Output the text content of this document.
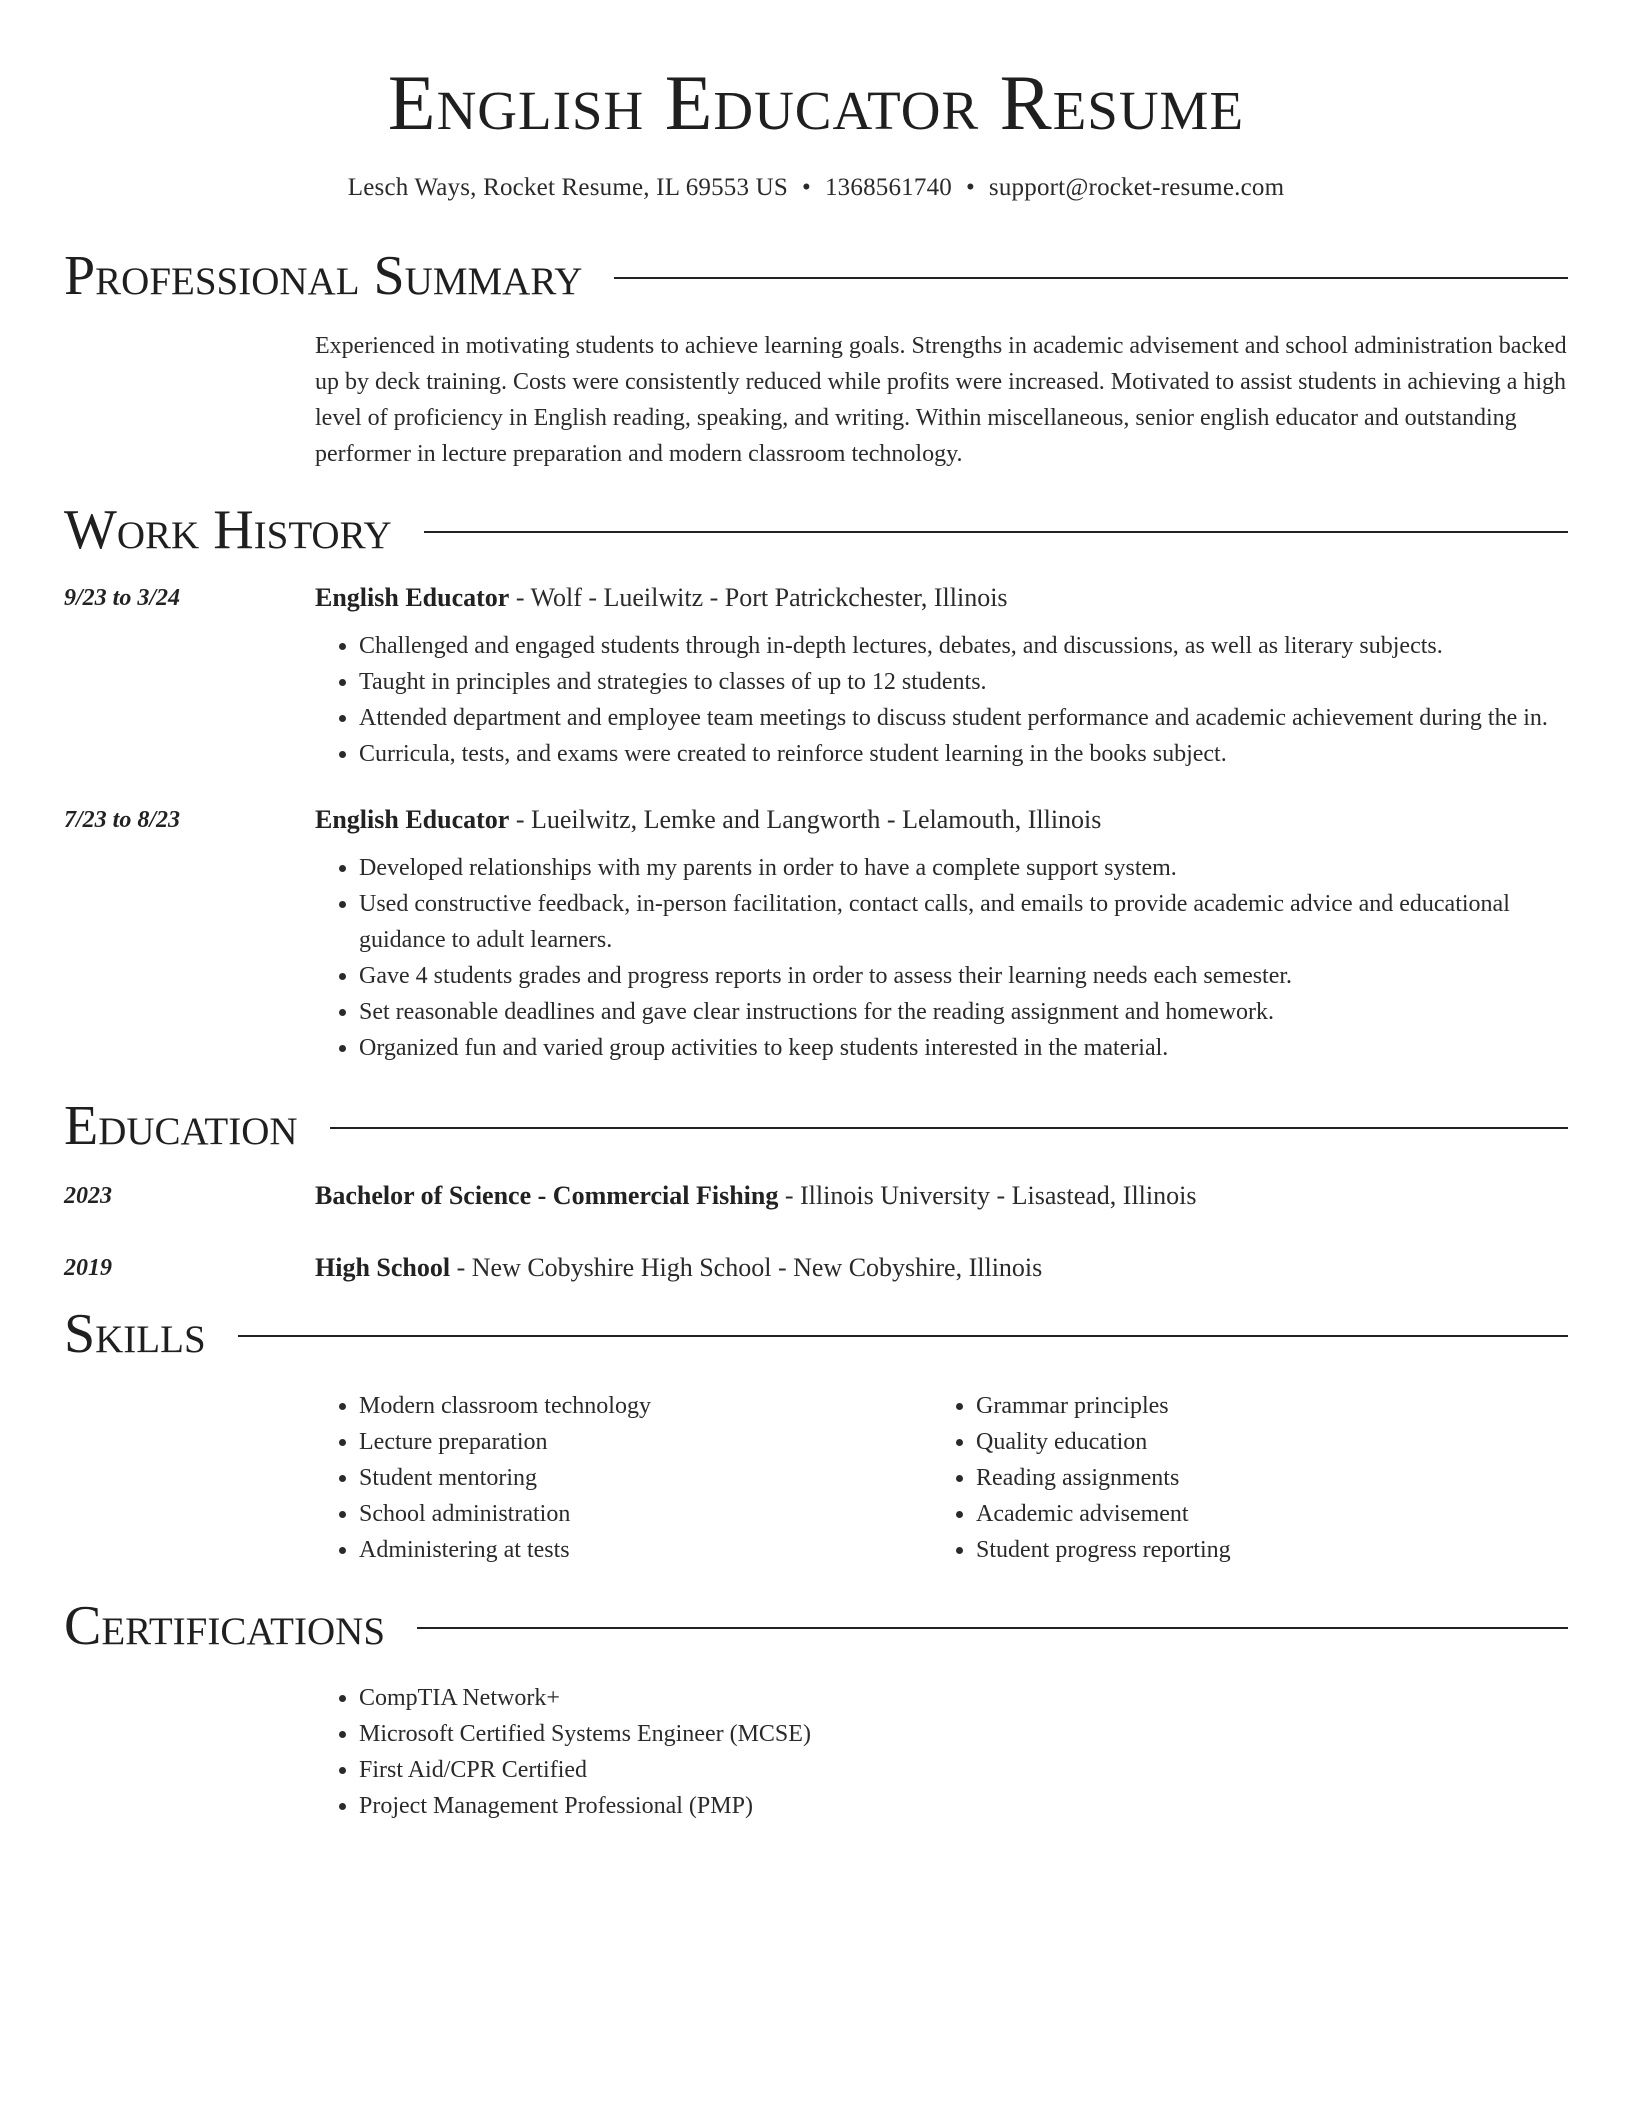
English Educator Resume
Lesch Ways, Rocket Resume, IL 69553 US • 1368561740 • support@rocket-resume.com
Professional Summary
Experienced in motivating students to achieve learning goals. Strengths in academic advisement and school administration backed up by deck training. Costs were consistently reduced while profits were increased. Motivated to assist students in achieving a high level of proficiency in English reading, speaking, and writing. Within miscellaneous, senior english educator and outstanding performer in lecture preparation and modern classroom technology.
Work History
9/23 to 3/24	English Educator - Wolf - Lueilwitz - Port Patrickchester, Illinois
• Challenged and engaged students through in-depth lectures, debates, and discussions, as well as literary subjects.
• Taught in principles and strategies to classes of up to 12 students.
• Attended department and employee team meetings to discuss student performance and academic achievement during the in.
• Curricula, tests, and exams were created to reinforce student learning in the books subject.
7/23 to 8/23	English Educator - Lueilwitz, Lemke and Langworth - Lelamouth, Illinois
• Developed relationships with my parents in order to have a complete support system.
• Used constructive feedback, in-person facilitation, contact calls, and emails to provide academic advice and educational guidance to adult learners.
• Gave 4 students grades and progress reports in order to assess their learning needs each semester.
• Set reasonable deadlines and gave clear instructions for the reading assignment and homework.
• Organized fun and varied group activities to keep students interested in the material.
Education
2023	Bachelor of Science - Commercial Fishing - Illinois University - Lisastead, Illinois
2019	High School - New Cobyshire High School - New Cobyshire, Illinois
Skills
• Modern classroom technology
• Lecture preparation
• Student mentoring
• School administration
• Administering at tests
• Grammar principles
• Quality education
• Reading assignments
• Academic advisement
• Student progress reporting
Certifications
• CompTIA Network+
• Microsoft Certified Systems Engineer (MCSE)
• First Aid/CPR Certified
• Project Management Professional (PMP)
